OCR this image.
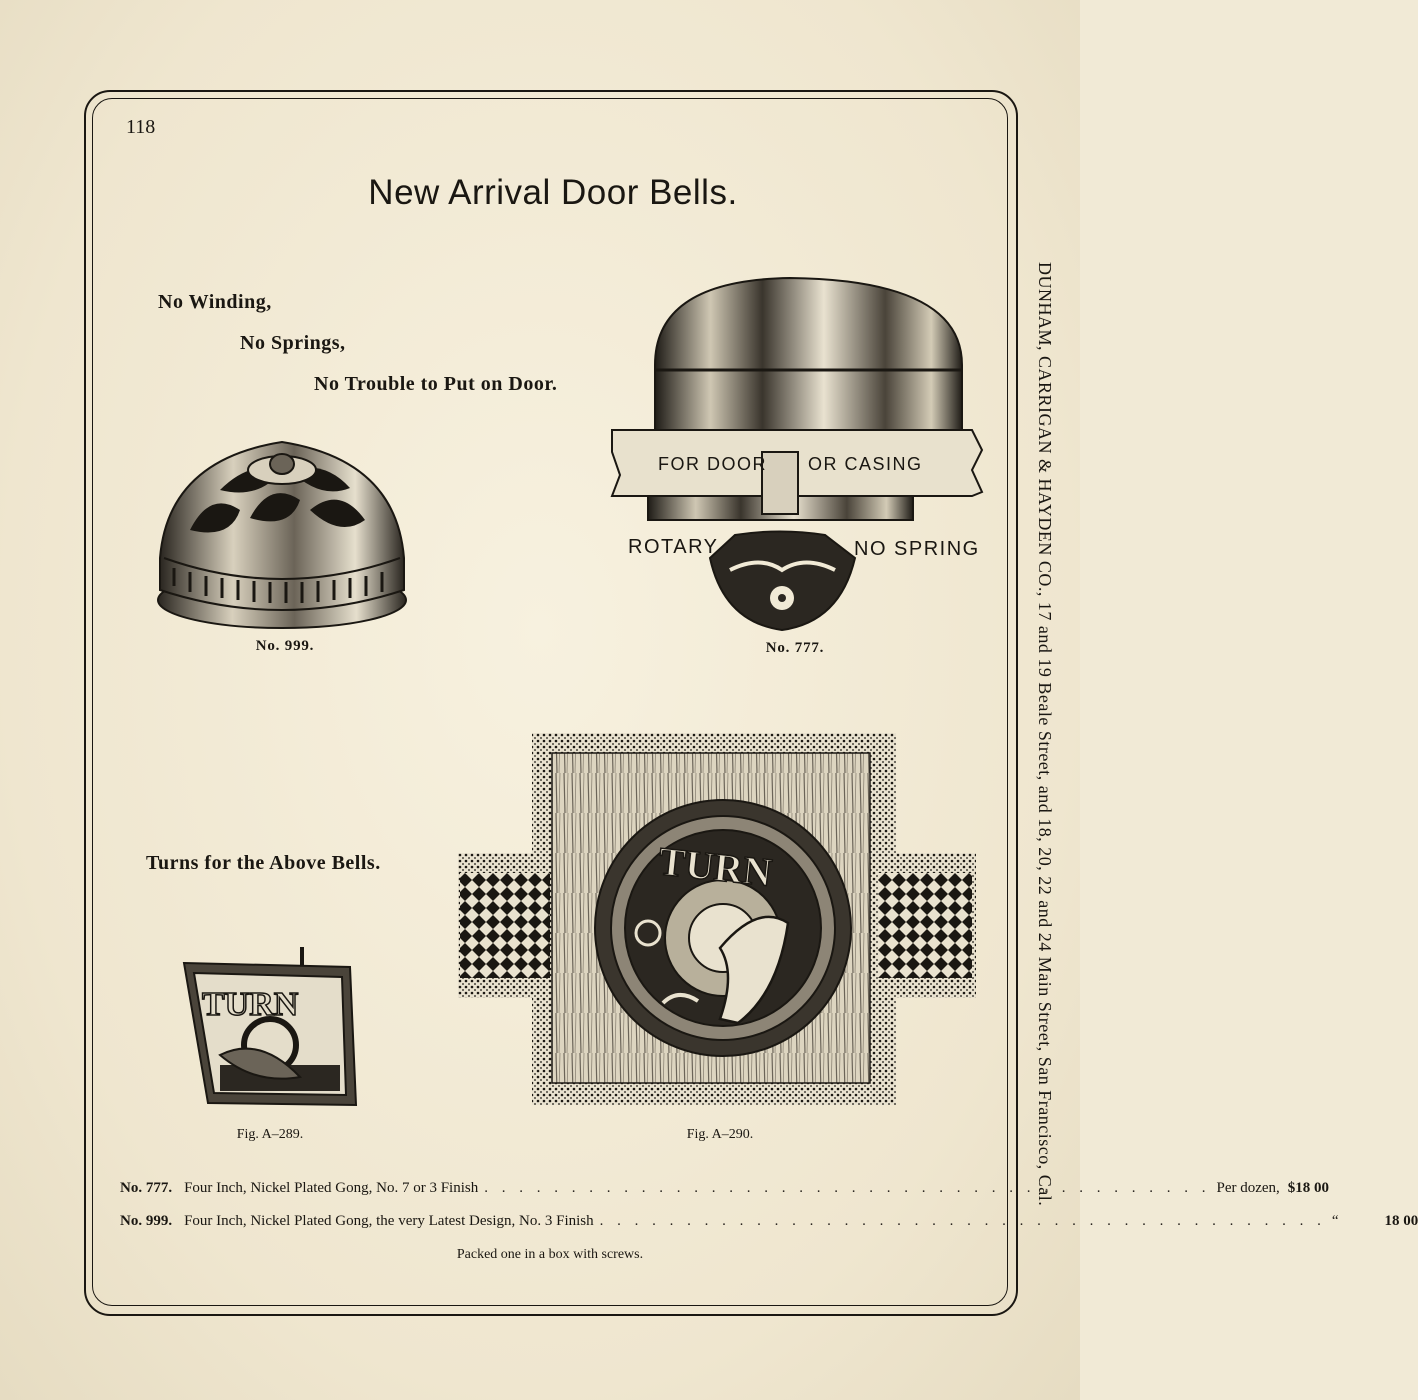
118
New Arrival Door Bells.
DUNHAM, CARRIGAN & HAYDEN CO., 17 and 19 Beale Street, and 18, 20, 22 and 24 Main Street, San Francisco, Cal.
No Winding,
No Springs,
No Trouble to Put on Door.
No. 999.
FOR DOOR OR CASING
ROTARY	NO SPRING
No. 777.
Turns for the Above Bells.
TURN
Fig. A–289.
TURN
Fig. A–290.
No. 777. Four Inch, Nickel Plated Gong, No. 7 or 3 Finish . . . . . . . . . . . . . . . . . . . . . . . . . . . . . . . . . . . . . . . . . . Per dozen, $18 00
No. 999. Four Inch, Nickel Plated Gong, the very Latest Design, No. 3 Finish . . . . . . . . . . . . . . . . . . . . . . . . . . . . . . . . . . . . . . . . . . “	18 00
Packed one in a box with screws.
